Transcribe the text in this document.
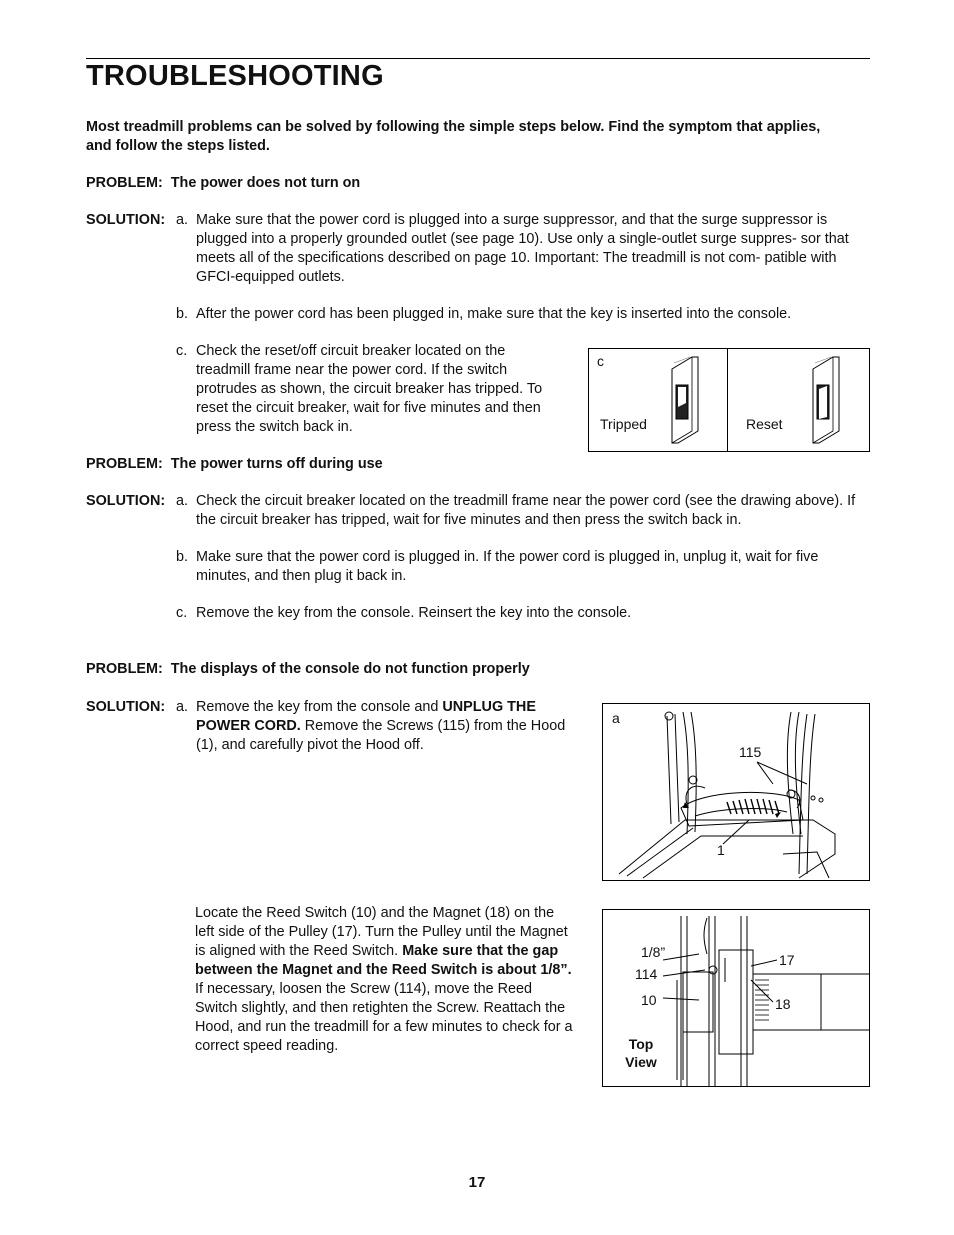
TROUBLESHOOTING
Most treadmill problems can be solved by following the simple steps below. Find the symptom that applies, and follow the steps listed.
PROBLEM: The power does not turn on
SOLUTION: a. Make sure that the power cord is plugged into a surge suppressor, and that the surge suppressor is plugged into a properly grounded outlet (see page 10). Use only a single-outlet surge suppres- sor that meets all of the specifications described on page 10. Important: The treadmill is not com- patible with GFCI-equipped outlets.
b. After the power cord has been plugged in, make sure that the key is inserted into the console.
c. Check the reset/off circuit breaker located on the treadmill frame near the power cord. If the switch protrudes as shown, the circuit breaker has tripped. To reset the circuit breaker, wait for five minutes and then press the switch back in.
c
Tripped	Reset
PROBLEM: The power turns off during use
SOLUTION: a. Check the circuit breaker located on the treadmill frame near the power cord (see the drawing above). If the circuit breaker has tripped, wait for five minutes and then press the switch back in.
b. Make sure that the power cord is plugged in. If the power cord is plugged in, unplug it, wait for five minutes, and then plug it back in.
c. Remove the key from the console. Reinsert the key into the console.
PROBLEM: The displays of the console do not function properly
SOLUTION: a. Remove the key from the console and UNPLUG THE POWER CORD. Remove the Screws (115) from the Hood (1), and carefully pivot the Hood off.
Locate the Reed Switch (10) and the Magnet (18) on the left side of the Pulley (17). Turn the Pulley until the Magnet is aligned with the Reed Switch. Make sure that the gap between the Magnet and the Reed Switch is about 1/8”. If necessary, loosen the Screw (114), move the Reed Switch slightly, and then retighten the Screw. Reattach the Hood, and run the treadmill for a few minutes to check for a correct speed reading.
a
115
1
1/8”
114
10
17
18
Top
View
17
